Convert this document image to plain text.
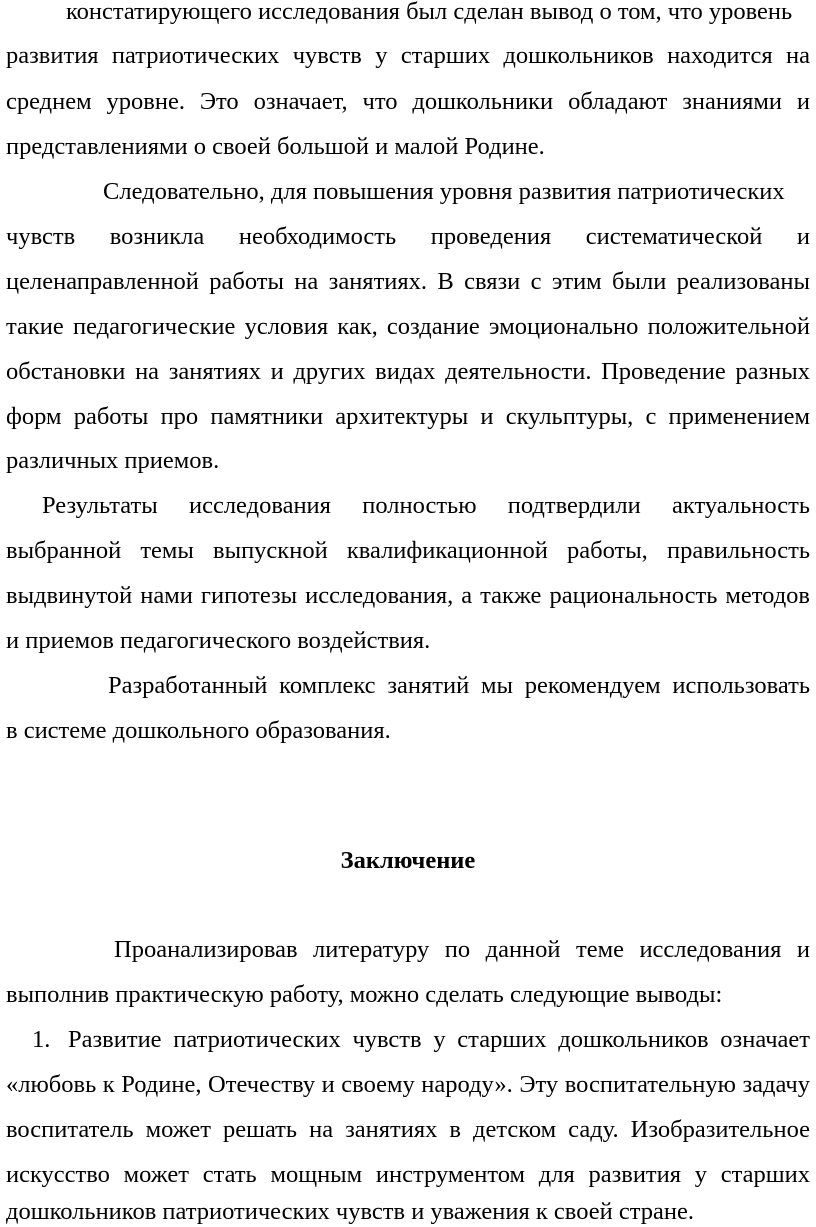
констатирующего исследования был сделан вывод о том, что уровень
развития патриотических чувств у старших дошкольников находится на
среднем уровне. Это означает, что дошкольники обладают знаниями и
представлениями о своей большой и малой Родине.
Следовательно, для повышения уровня развития патриотических
чувств возникла необходимость проведения систематической и
целенаправленной работы на занятиях. В связи с этим были реализованы
такие педагогические условия как, создание эмоционально положительной
обстановки на занятиях и других видах деятельности. Проведение разных
форм работы про памятники архитектуры и скульптуры, с применением
различных приемов.
Результаты исследования полностью подтвердили актуальность
выбранной темы выпускной квалификационной работы, правильность
выдвинутой нами гипотезы исследования, а также рациональность методов
и приемов педагогического воздействия.
Разработанный комплекс занятий мы рекомендуем использовать
в системе дошкольного образования.
Заключение
Проанализировав литературу по данной теме исследования и
выполнив практическую работу, можно сделать следующие выводы:
1. Развитие патриотических чувств у старших дошкольников означает
«любовь к Родине, Отечеству и своему народу». Эту воспитательную задачу
воспитатель может решать на занятиях в детском саду. Изобразительное
искусство может стать мощным инструментом для развития у старших
дошкольников патриотических чувств и уважения к своей стране.
